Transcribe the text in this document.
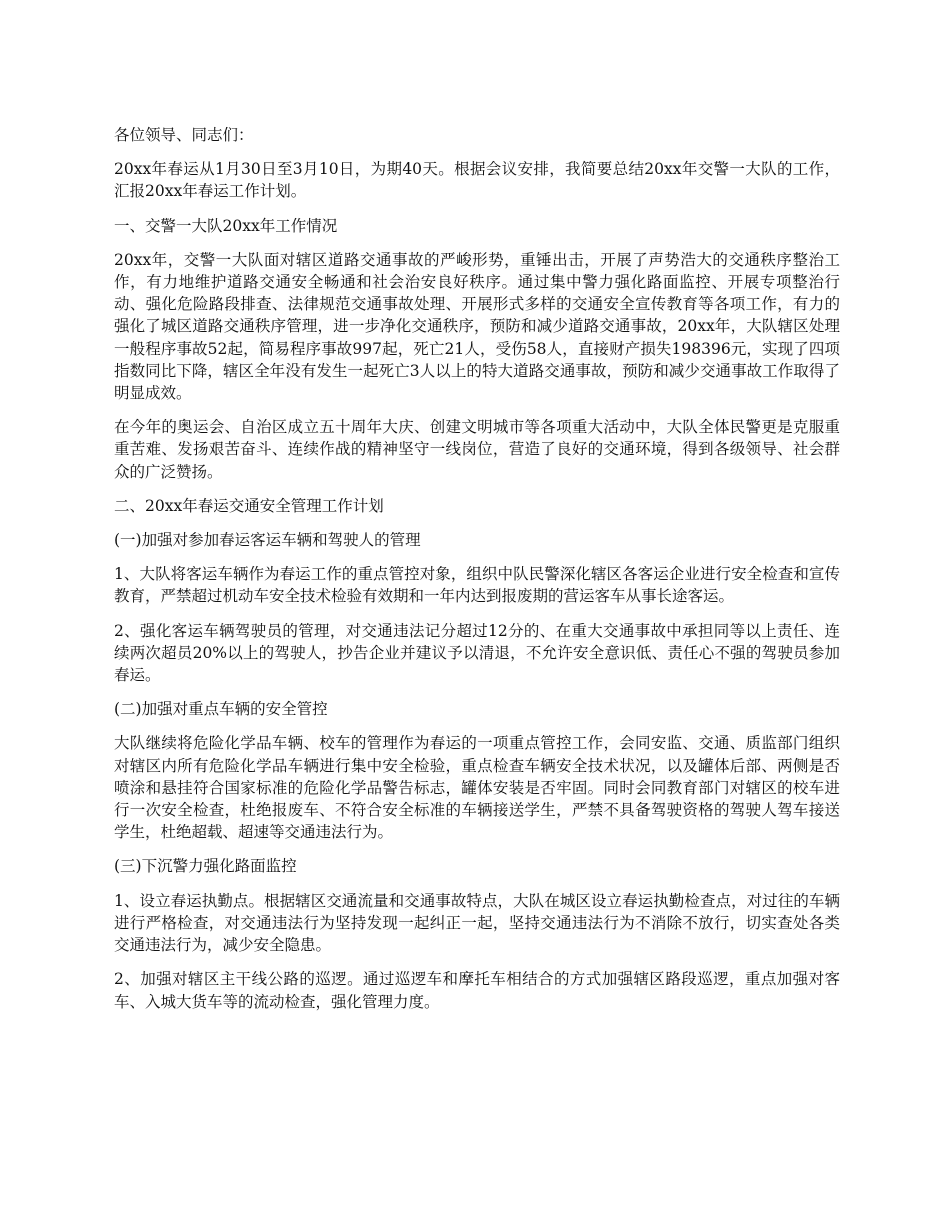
各位领导、同志们：

20xx年春运从1月30日至3月10日，为期40天。根据会议安排，我简要总结20xx年交警一大队的工作，汇报20xx年春运工作计划。

一、交警一大队20xx年工作情况

20xx年，交警一大队面对辖区道路交通事故的严峻形势，重锤出击，开展了声势浩大的交通秩序整治工作，有力地维护道路交通安全畅通和社会治安良好秩序。通过集中警力强化路面监控、开展专项整治行动、强化危险路段排查、法律规范交通事故处理、开展形式多样的交通安全宣传教育等各项工作，有力的强化了城区道路交通秩序管理，进一步净化交通秩序，预防和减少道路交通事故，20xx年，大队辖区处理一般程序事故52起，简易程序事故997起，死亡21人，受伤58人，直接财产损失198396元，实现了四项指数同比下降，辖区全年没有发生一起死亡3人以上的特大道路交通事故，预防和减少交通事故工作取得了明显成效。

在今年的奥运会、自治区成立五十周年大庆、创建文明城市等各项重大活动中，大队全体民警更是克服重重苦难、发扬艰苦奋斗、连续作战的精神坚守一线岗位，营造了良好的交通环境，得到各级领导、社会群众的广泛赞扬。

二、20xx年春运交通安全管理工作计划

(一)加强对参加春运客运车辆和驾驶人的管理

1、大队将客运车辆作为春运工作的重点管控对象，组织中队民警深化辖区各客运企业进行安全检查和宣传教育，严禁超过机动车安全技术检验有效期和一年内达到报废期的营运客车从事长途客运。

2、强化客运车辆驾驶员的管理，对交通违法记分超过12分的、在重大交通事故中承担同等以上责任、连续两次超员20%以上的驾驶人，抄告企业并建议予以清退，不允许安全意识低、责任心不强的驾驶员参加春运。

(二)加强对重点车辆的安全管控

大队继续将危险化学品车辆、校车的管理作为春运的一项重点管控工作，会同安监、交通、质监部门组织对辖区内所有危险化学品车辆进行集中安全检验，重点检查车辆安全技术状况，以及罐体后部、两侧是否喷涂和悬挂符合国家标准的危险化学品警告标志，罐体安装是否牢固。同时会同教育部门对辖区的校车进行一次安全检查，杜绝报废车、不符合安全标准的车辆接送学生，严禁不具备驾驶资格的驾驶人驾车接送学生，杜绝超载、超速等交通违法行为。

(三)下沉警力强化路面监控

1、设立春运执勤点。根据辖区交通流量和交通事故特点，大队在城区设立春运执勤检查点，对过往的车辆进行严格检查，对交通违法行为坚持发现一起纠正一起，坚持交通违法行为不消除不放行，切实查处各类交通违法行为，减少安全隐患。

2、加强对辖区主干线公路的巡逻。通过巡逻车和摩托车相结合的方式加强辖区路段巡逻，重点加强对客车、入城大货车等的流动检查，强化管理力度。
